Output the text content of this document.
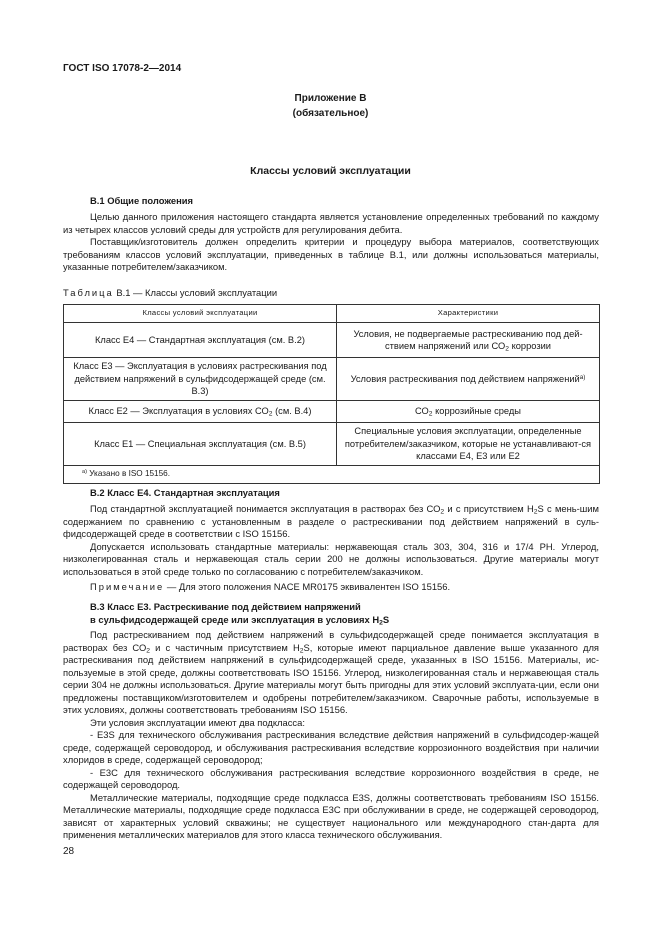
ГОСТ ISO 17078-2—2014
Приложение В
(обязательное)
Классы условий эксплуатации
В.1 Общие положения

Целью данного приложения настоящего стандарта является установление определенных требований по каждому из четырех классов условий среды для устройств для регулирования дебита.

Поставщик/изготовитель должен определить критерии и процедуру выбора материалов, соответствующих требованиям классов условий эксплуатации, приведенных в таблице В.1, или должны использоваться материалы, указанные потребителем/заказчиком.

Таблица В.1 — Классы условий эксплуатации
Классы условий эксплуатации	Характеристики
Класс Е4 — Стандартная эксплуатация (см. В.2)	Условия, не подвергаемые растрескиванию под дей-ствием напряжений или $СО_2$ коррозии
Класс Е3 — Эксплуатация в условиях растрескивания под действием напряжений в сульфидсодержащей среде (см. В.3)	Условия растрескивания под действием напряжений$^{а)}$
Класс Е2 — Эксплуатация в условиях $СО_2$ (см. В.4)	$СО_2$ коррозийные среды
Класс Е1 — Специальная эксплуатация (см. В.5)	Специальные условия эксплуатации, определенные потребителем/заказчиком, которые не устанавливают-ся классами Е4, Е3 или Е2
$^{а)}$ Указано в ISO 15156.	
В.2 Класс Е4. Стандартная эксплуатация

Под стандартной эксплуатацией понимается эксплуатация в растворах без $СО_2$ и с присутствием $Н_2S$ с мень-шим содержанием по сравнению с установленным в разделе о растрескивании под действием напряжений в суль-фидсодержащей среде в соответствии с ISO 15156.

Допускается использовать стандартные материалы: нержавеющая сталь 303, 304, 316 и 17/4 PH. Углерод, низколегированная сталь и нержавеющая сталь серии 200 не должны использоваться. Другие материалы могут использоваться в этой среде только по согласованию с потребителем/заказчиком.

Примечание — Для этого положения NACE MR0175 эквивалентен ISO 15156.
В.3 Класс Е3. Растрескивание под действием напряжений
в сульфидсодержащей среде или эксплуатация в условиях $Н_2S$

Под растрескиванием под действием напряжений в сульфидсодержащей среде понимается эксплуатация в растворах без $СО_2$ и с частичным присутствием $Н_2S$, которые имеют парциальное давление выше указанного для растрескивания под действием напряжений в сульфидсодержащей среде, указанных в ISO 15156. Материалы, ис-пользуемые в этой среде, должны соответствовать ISO 15156. Углерод, низколегированная сталь и нержавеющая сталь серии 304 не должны использоваться. Другие материалы могут быть пригодны для этих условий эксплуата-ции, если они предложены поставщиком/изготовителем и одобрены потребителем/заказчиком. Сварочные работы, используемые в этих условиях, должны соответствовать требованиям ISO 15156.

Эти условия эксплуатации имеют два подкласса:

- Е3S для технического обслуживания растрескивания вследствие действия напряжений в сульфидсодер-жащей среде, содержащей сероводород, и обслуживания растрескивания вследствие коррозионного воздействия при наличии хлоридов в среде, содержащей сероводород;

- Е3С для технического обслуживания растрескивания вследствие коррозионного воздействия в среде, не содержащей сероводород.

Металлические материалы, подходящие среде подкласса Е3S, должны соответствовать требованиям ISO 15156. Металлические материалы, подходящие среде подкласса Е3С при обслуживании в среде, не содержащей сероводород, зависят от характерных условий скважины; не существует национального или международного стан-дарта для применения металлических материалов для этого класса технического обслуживания.

28
